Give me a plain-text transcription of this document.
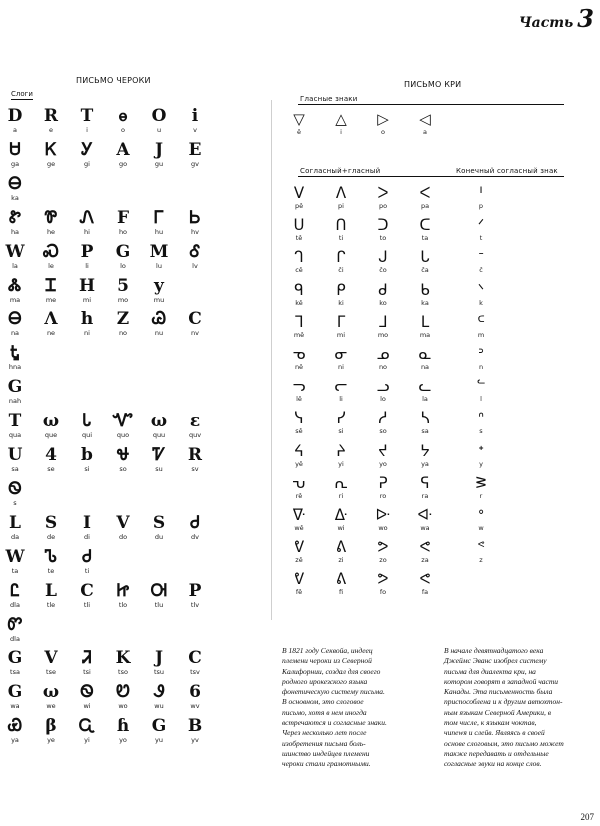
Часть 3
ПИСЬМО ЧЕРОКИ
Слоги
D
a
R
e
T
i
ꮎ
o
O
u
i
v
Ꮜ
ga
Ꮶ
ge
Ꭹ
gi
A
go
J
gu
E
gv
Ꮎ
ka
Ꮡ
ha
Ꮘ
he
Ꮑ
hi
F
ho
Ꮁ
hu
Ꮟ
hv
W
la
Ꮝ
le
P
li
G
lo
M
lu
Ꮄ
lv
Ꮬ
ma
Ꮖ
me
H
mi
5
mo
y
mu
Ꮎ
na
Λ
ne
h
ni
Z
no
Ꮚ
nu
C
nv
Ꮏ
hna
G
nah
T
qua
ω
que
Ꮣ
qui
Ꮙ
quo
ω
quu
ε
quv
U
sa
4
se
b
si
Ꮰ
so
Ꮴ
su
R
sv
Ꮻ
s
L
da
S
de
I
di
V
do
S
du
Ꮷ
dv
W
ta
Ꮦ
te
Ꮷ
ti
Ꮭ
dla
L
tle
C
tli
Ꮵ
tlo
Ꮊ
tlu
P
tlv
Ꮫ
dla
G
tsa
V
tse
Ꮨ
tsi
K
tso
J
tsu
C
tsv
G
wa
ω
we
Ꮻ
wi
Ꮼ
wo
Ꮽ
wu
6
wv
Ꮿ
ya
β
ye
Ꮹ
yi
ɦ
yo
G
yu
B
yv
ПИСЬМО КРИ
Гласные знаки
▽
ê
△
i
▷
o
◁
a
Согласный+гласный	Конечный согласный знак
ᐯ
pê
ᐱ
pi
ᐳ
po
ᐸ
pa
ᑊ
p
ᑌ
tê
ᑎ
ti
ᑐ
to
ᑕ
ta
ᐟ
t
ᒉ
cê
ᒋ
či
ᒍ
čo
ᒐ
ča
ᐨ
č
ᑫ
kê
ᑭ
ki
ᑯ
ko
ᑲ
ka
ᐠ
k
ᒣ
mê
ᒥ
mi
ᒧ
mo
ᒪ
ma
ᒼ
m
ᓀ
nê
ᓂ
ni
ᓄ
no
ᓇ
na
ᐣ
n
ᓓ
lê
ᓕ
li
ᓗ
lo
ᓚ
la
ᓪ
l
ᓭ
sê
ᓯ
si
ᓱ
so
ᓴ
sa
ᐢ
s
ᔦ
yê
ᔨ
yi
ᔪ
yo
ᔭ
ya
ᐩ
y
ᕃ
rê
ᕆ
ri
ᕈ
ro
ᕋ
ra
ᕒ
r
ᐍ
wê
ᐏ
wi
ᐓ
wo
ᐘ
wa
ᐤ
w
ᕓ
zê
ᕕ
zi
ᕗ
zo
ᕙ
za
ᕝ
z
ᕓ
fê
ᕕ
fi
ᕗ
fo
ᕙ
fa
В 1821 году Секвойа, индеец
племени чероки из Северной
Калифорнии, создал для своего
родного ирокезского языка
фонетическую систему письма.
В основном, это слоговое
письмо, хотя в нем иногда
встречаются и согласные знаки.
Через несколько лет после
изобретения письма боль-
шинство индейцев племени
чероки стали грамотными.
В начале девятнадцатого века
Джеймс Эванс изобрел систему
письма для диалекта кри, на
котором говорят в западной части
Канады. Эта письменность была
приспособлена и к другим автохтон-
ным языкам Северной Америки, в
том числе, к языкам чоктав,
чипеwя и слейв. Являясь в своей
основе слоговым, это письмо может
также передавать и отдельные
согласные звуки на конце слов.
207
